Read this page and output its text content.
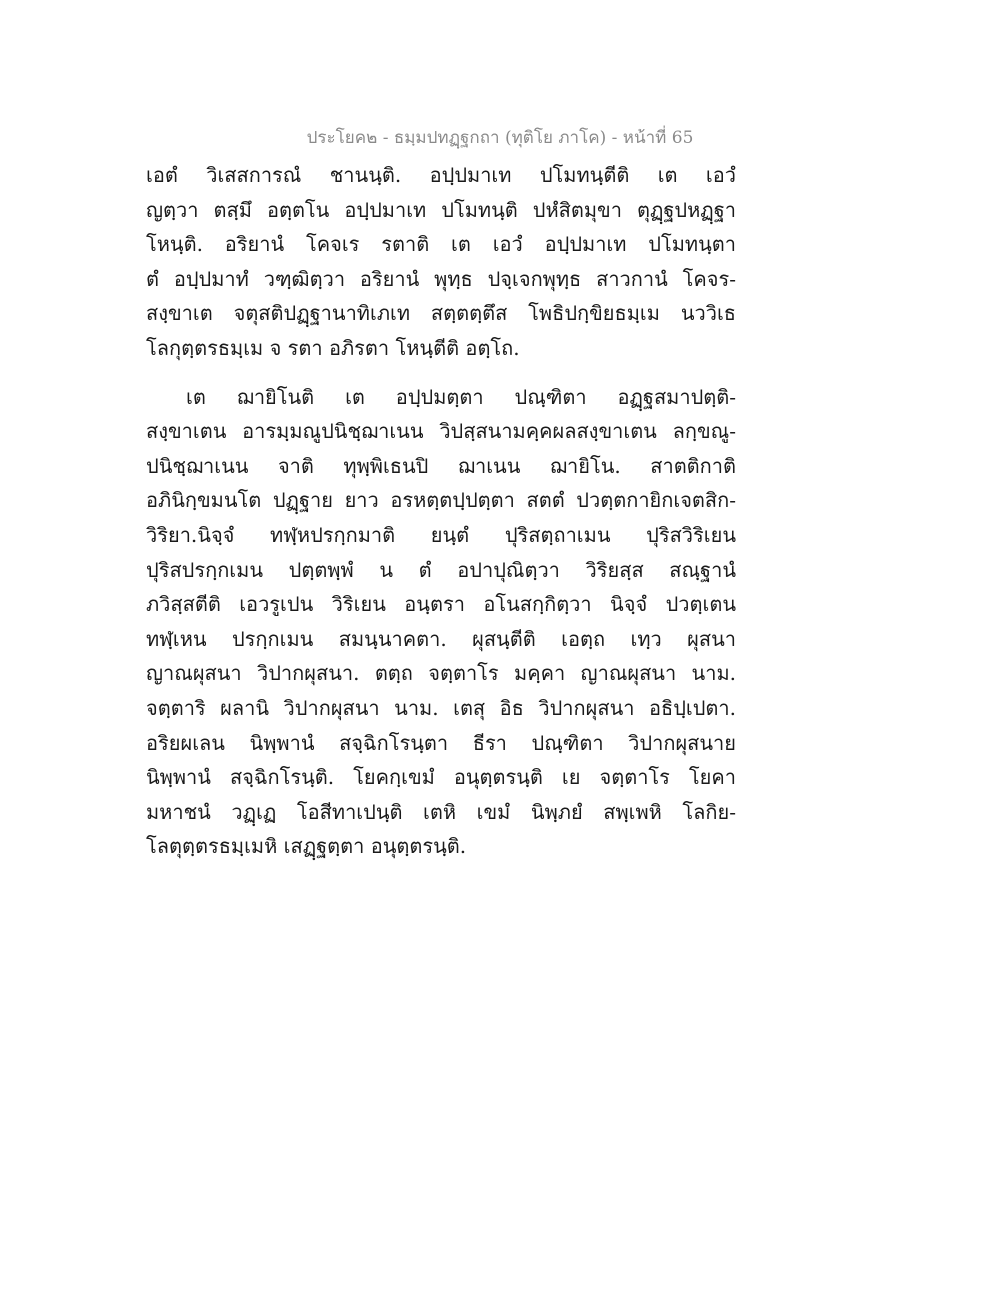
ประโยค๒ - ธมฺมปทฏฺฐกถา (ทุติโย ภาโค) - หน้าที่ 65
เอตํ วิเสสการณํ ชานนฺติ. อปฺปมาเท ปโมทนฺตีติ เต เอวํ
ญตฺวา ตสฺมึ อตฺตโน อปฺปมาเท ปโมทนฺติ ปหํสิตมุขา ตุฏฺฐปหฏฺฐา
โหนฺติ. อริยานํ โคจเร รตาติ เต เอวํ อปฺปมาเท ปโมทนฺตา
ตํ อปฺปมาทํ วฑฺฒิตฺวา อริยานํ พุทฺธ ปจฺเจกพุทฺธ สาวกานํ โคจร-
สงฺขาเต จตุสติปฏฺฐานาทิเภเท สตฺตตฺตึส โพธิปกฺขิยธมฺเม นววิเธ
โลกุตฺตรธมฺเม จ รตา อภิรตา โหนฺตีติ อตฺโถ.
เต ฌายิโนติ เต อปฺปมตฺตา ปณฺฑิตา อฏฺฐสมาปตฺติ-
สงฺขาเตน อารมฺมณูปนิชฺฌาเนน วิปสฺสนามคฺคผลสงฺขาเตน ลกฺขณู-
ปนิชฺฌาเนน จาติ ทุพฺพิเธนปิ ฌาเนน ฌายิโน. สาตติกาติ
อภินิกฺขมนโต ปฏฺฐาย ยาว อรหตฺตปฺปตฺตา สตตํ ปวตฺตกายิกเจตสิก-
วิริยา.นิจฺจํ ทฬฺหปรกฺกมาติ ยนฺตํ ปุริสตฺถาเมน ปุริสวิริเยน
ปุริสปรกฺกเมน ปตฺตพฺพํ น ตํ อปาปุณิตฺวา วิริยสฺส สณฺฐานํ
ภวิสฺสตีติ เอวรูเปน วิริเยน อนฺตรา อโนสกฺกิตฺวา นิจฺจํ ปวตฺเตน
ทฬฺเหน ปรกฺกเมน สมนฺนาคตา. ผุสนฺตีติ เอตฺถ เทฺว ผุสนา
ญาณผุสนา วิปากผุสนา. ตตฺถ จตฺตาโร มคฺคา ญาณผุสนา นาม.
จตฺตาริ ผลานิ วิปากผุสนา นาม. เตสุ อิธ วิปากผุสนา อธิปฺเปตา.
อริยผเลน นิพฺพานํ สจฺฉิกโรนฺตา ธีรา ปณฺฑิตา วิปากผุสนาย
นิพฺพานํ สจฺฉิกโรนฺติ. โยคกฺเขมํ อนุตฺตรนฺติ เย จตฺตาโร โยคา
มหาชนํ วฏฺเฏ โอสีทาเปนฺติ เตหิ เขมํ นิพฺภยํ สพฺเพหิ โลกิย-
โลตุตฺตรธมฺเมหิ เสฏฺฐตฺตา อนุตฺตรนฺติ.
